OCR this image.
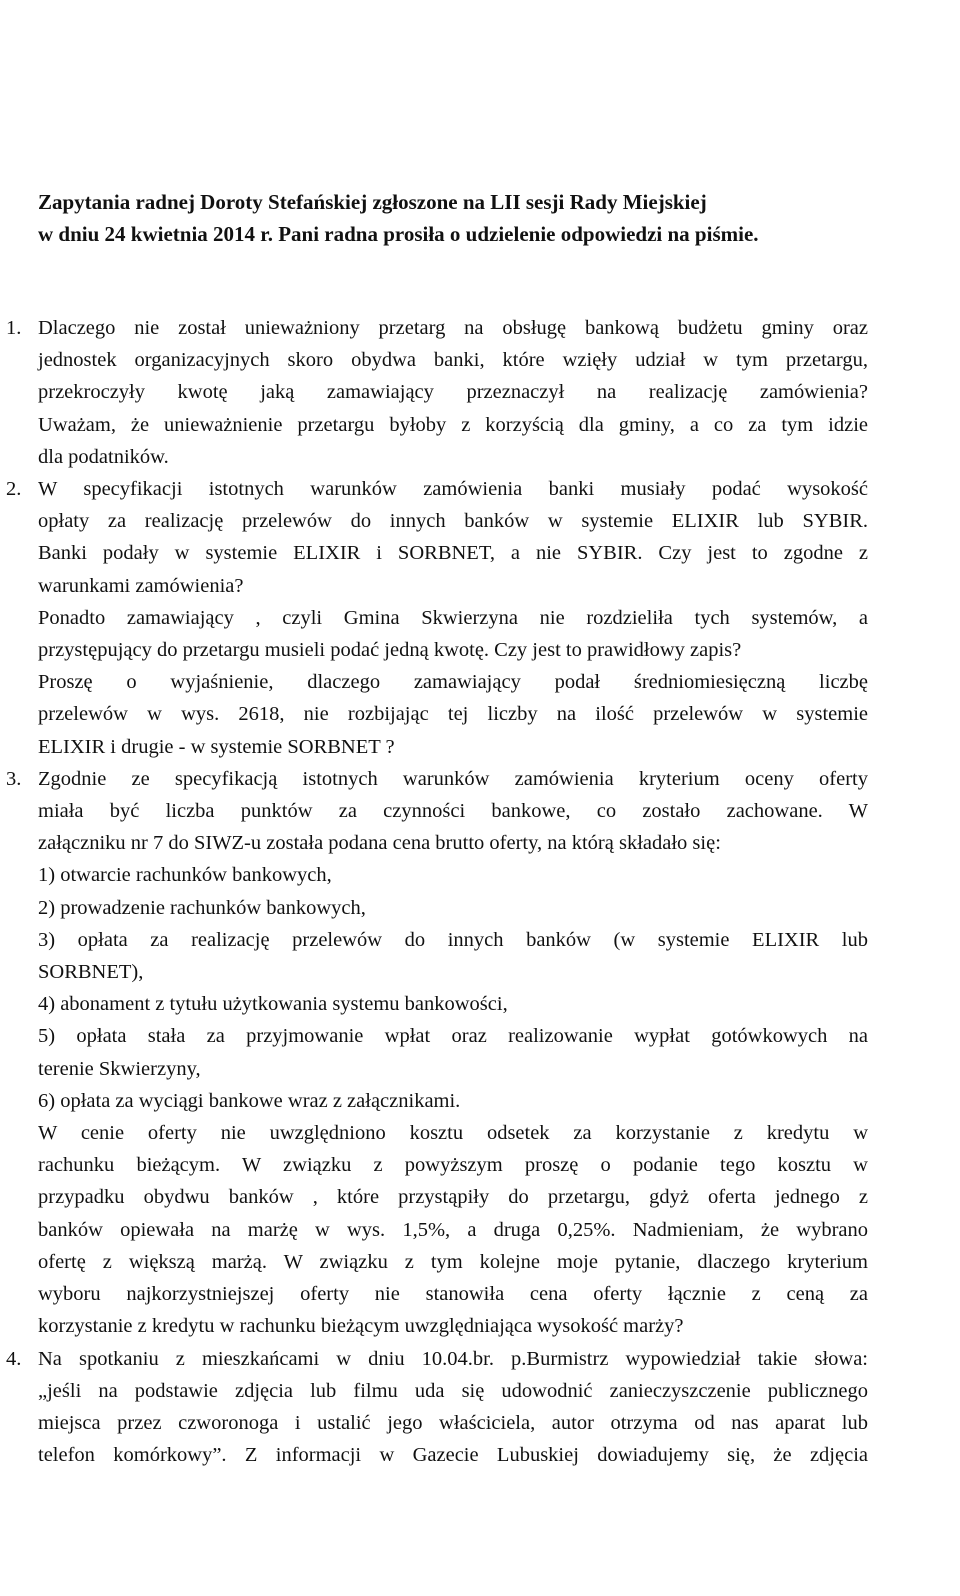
Zapytania radnej Doroty Stefańskiej zgłoszone na LII sesji Rady Miejskiej
w dniu 24 kwietnia 2014 r. Pani radna prosiła o udzielenie odpowiedzi na piśmie.
1. Dlaczego nie został unieważniony przetarg na obsługę bankową budżetu gminy oraz
jednostek organizacyjnych skoro obydwa banki, które wzięły udział w tym przetargu,
przekroczyły kwotę jaką zamawiający przeznaczył na realizację zamówienia?
Uważam, że unieważnienie przetargu byłoby z korzyścią dla gminy, a co za tym idzie
dla podatników.
2. W specyfikacji istotnych warunków zamówienia banki musiały podać wysokość
opłaty za realizację przelewów do innych banków w systemie ELIXIR lub SYBIR.
Banki podały w systemie ELIXIR i SORBNET, a nie SYBIR. Czy jest to zgodne z
warunkami zamówienia?
Ponadto zamawiający , czyli Gmina Skwierzyna nie rozdzieliła tych systemów, a
przystępujący do przetargu musieli podać jedną kwotę. Czy jest to prawidłowy zapis?
Proszę o wyjaśnienie, dlaczego zamawiający podał średniomiesięczną liczbę
przelewów w wys. 2618, nie rozbijając tej liczby na ilość przelewów w systemie
ELIXIR i drugie - w systemie SORBNET ?
3. Zgodnie ze specyfikacją istotnych warunków zamówienia kryterium oceny oferty
miała być liczba punktów za czynności bankowe, co zostało zachowane. W
załączniku nr 7 do SIWZ-u została podana cena brutto oferty, na którą składało się:
1) otwarcie rachunków bankowych,
2) prowadzenie rachunków bankowych,
3) opłata za realizację przelewów do innych banków (w systemie ELIXIR lub
SORBNET),
4) abonament z tytułu użytkowania systemu bankowości,
5) opłata stała za przyjmowanie wpłat oraz realizowanie wypłat gotówkowych na
terenie Skwierzyny,
6) opłata za wyciągi bankowe wraz z załącznikami.
W cenie oferty nie uwzględniono kosztu odsetek za korzystanie z kredytu w
rachunku bieżącym. W związku z powyższym proszę o podanie tego kosztu w
przypadku obydwu banków , które przystąpiły do przetargu, gdyż oferta jednego z
banków opiewała na marżę w wys. 1,5%, a druga 0,25%. Nadmieniam, że wybrano
ofertę z większą marżą. W związku z tym kolejne moje pytanie, dlaczego kryterium
wyboru najkorzystniejszej oferty nie stanowiła cena oferty łącznie z ceną za
korzystanie z kredytu w rachunku bieżącym uwzględniająca wysokość marży?
4. Na spotkaniu z mieszkańcami w dniu 10.04.br. p.Burmistrz wypowiedział takie słowa:
„jeśli na podstawie zdjęcia lub filmu uda się udowodnić zanieczyszczenie publicznego
miejsca przez czworonoga i ustalić jego właściciela, autor otrzyma od nas aparat lub
telefon komórkowy”. Z informacji w Gazecie Lubuskiej dowiadujemy się, że zdjęcia
